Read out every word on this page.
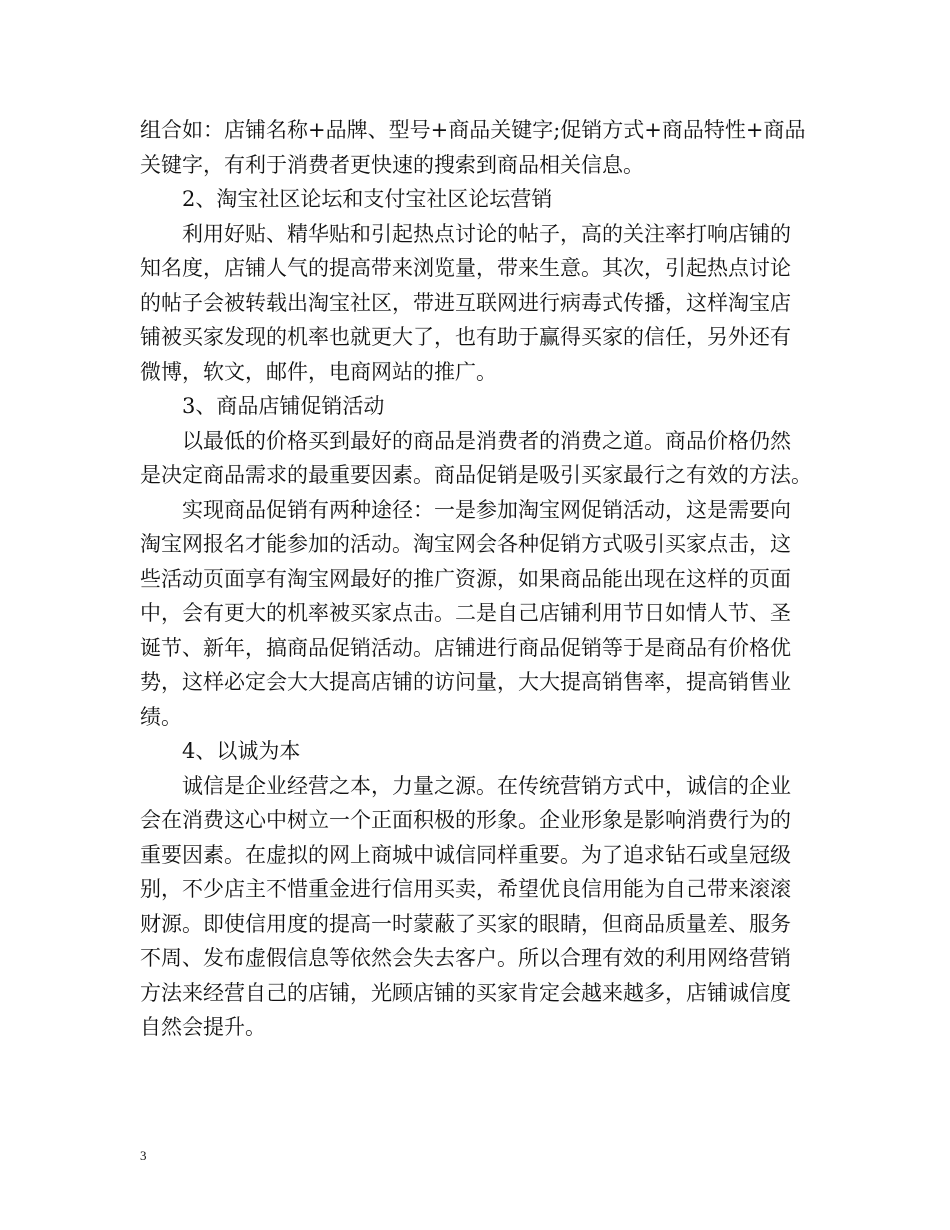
组合如：店铺名称+品牌、型号+商品关键字;促销方式+商品特性+商品
关键字，有利于消费者更快速的搜索到商品相关信息。
2、淘宝社区论坛和支付宝社区论坛营销
利用好贴、精华贴和引起热点讨论的帖子，高的关注率打响店铺的
知名度，店铺人气的提高带来浏览量，带来生意。其次，引起热点讨论
的帖子会被转载出淘宝社区，带进互联网进行病毒式传播，这样淘宝店
铺被买家发现的机率也就更大了，也有助于赢得买家的信任，另外还有
微博，软文，邮件，电商网站的推广。
3、商品店铺促销活动
以最低的价格买到最好的商品是消费者的消费之道。商品价格仍然
是决定商品需求的最重要因素。商品促销是吸引买家最行之有效的方法。
实现商品促销有两种途径：一是参加淘宝网促销活动，这是需要向
淘宝网报名才能参加的活动。淘宝网会各种促销方式吸引买家点击，这
些活动页面享有淘宝网最好的推广资源，如果商品能出现在这样的页面
中，会有更大的机率被买家点击。二是自己店铺利用节日如情人节、圣
诞节、新年，搞商品促销活动。店铺进行商品促销等于是商品有价格优
势，这样必定会大大提高店铺的访问量，大大提高销售率，提高销售业
绩。
4、以诚为本
诚信是企业经营之本，力量之源。在传统营销方式中，诚信的企业
会在消费这心中树立一个正面积极的形象。企业形象是影响消费行为的
重要因素。在虚拟的网上商城中诚信同样重要。为了追求钻石或皇冠级
别，不少店主不惜重金进行信用买卖，希望优良信用能为自己带来滚滚
财源。即使信用度的提高一时蒙蔽了买家的眼睛，但商品质量差、服务
不周、发布虚假信息等依然会失去客户。所以合理有效的利用网络营销
方法来经营自己的店铺，光顾店铺的买家肯定会越来越多，店铺诚信度
自然会提升。
3
